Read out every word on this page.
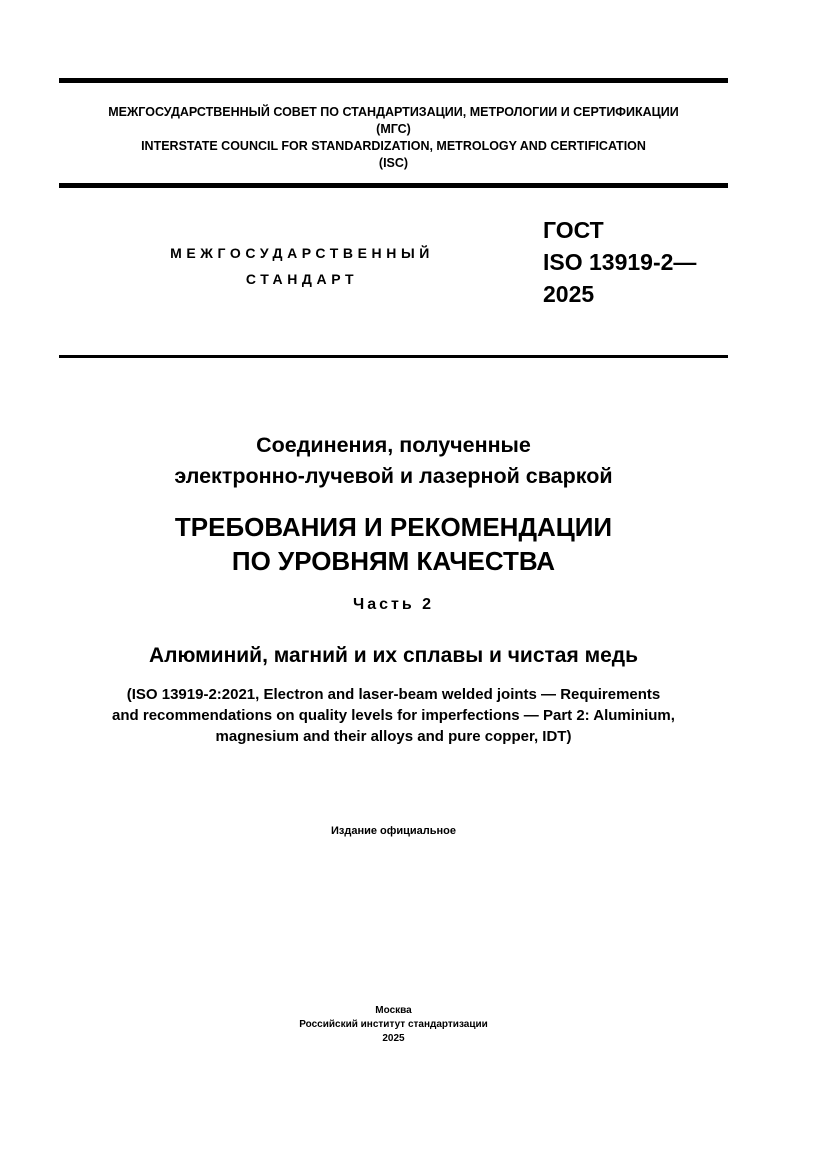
МЕЖГОСУДАРСТВЕННЫЙ СОВЕТ ПО СТАНДАРТИЗАЦИИ, МЕТРОЛОГИИ И СЕРТИФИКАЦИИ
(МГС)
INTERSTATE COUNCIL FOR STANDARDIZATION, METROLOGY AND CERTIFICATION
(ISC)
МЕЖГОСУДАРСТВЕННЫЙ
СТАНДАРТ
ГОСТ
ISO 13919-2—
2025
Соединения, полученные
электронно-лучевой и лазерной сваркой
ТРЕБОВАНИЯ И РЕКОМЕНДАЦИИ
ПО УРОВНЯМ КАЧЕСТВА
Часть 2
Алюминий, магний и их сплавы и чистая медь
(ISO 13919-2:2021, Electron and laser-beam welded joints — Requirements
and recommendations on quality levels for imperfections — Part 2: Aluminium,
magnesium and their alloys and pure copper, IDT)
Издание официальное
Москва
Российский институт стандартизации
2025
